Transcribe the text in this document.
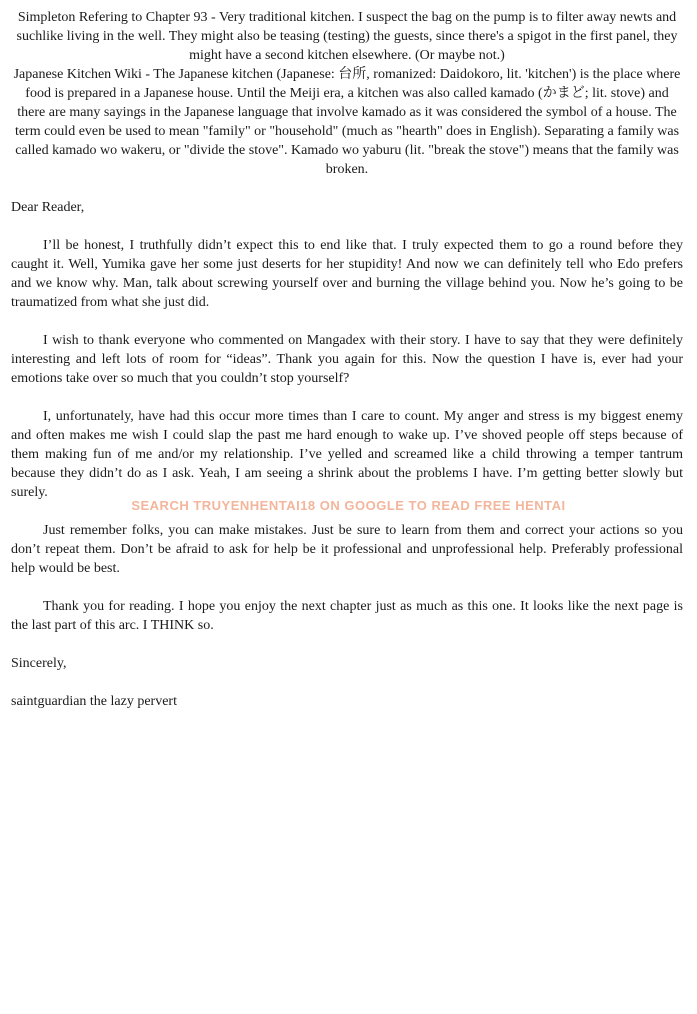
Simpleton Refering to Chapter 93 - Very traditional kitchen. I suspect the bag on the pump is to filter away newts and suchlike living in the well. They might also be teasing (testing) the guests, since there's a spigot in the first panel, they might have a second kitchen elsewhere. (Or maybe not.)

Japanese Kitchen Wiki - The Japanese kitchen (Japanese: 台所, romanized: Daidokoro, lit. 'kitchen') is the place where food is prepared in a Japanese house. Until the Meiji era, a kitchen was also called kamado (かまど; lit. stove) and there are many sayings in the Japanese language that involve kamado as it was considered the symbol of a house. The term could even be used to mean "family" or "household" (much as "hearth" does in English). Separating a family was called kamado wo wakeru, or "divide the stove". Kamado wo yaburu (lit. "break the stove") means that the family was broken.

Dear Reader,

I’ll be honest, I truthfully didn’t expect this to end like that. I truly expected them to go a round before they caught it. Well, Yumika gave her some just deserts for her stupidity! And now we can definitely tell who Edo prefers and we know why. Man, talk about screwing yourself over and burning the village behind you. Now he’s going to be traumatized from what she just did.

I wish to thank everyone who commented on Mangadex with their story. I have to say that they were definitely interesting and left lots of room for “ideas”. Thank you again for this. Now the question I have is, ever had your emotions take over so much that you couldn’t stop yourself?

I, unfortunately, have had this occur more times than I care to count. My anger and stress is my biggest enemy and often makes me wish I could slap the past me hard enough to wake up. I’ve shoved people off steps because of them making fun of me and/or my relationship. I’ve yelled and screamed like a child throwing a temper tantrum because they didn’t do as I ask. Yeah, I am seeing a shrink about the problems I have. I’m getting better slowly but surely.

Just remember folks, you can make mistakes. Just be sure to learn from them and correct your actions so you don’t repeat them. Don’t be afraid to ask for help be it professional and unprofessional help. Preferably professional help would be best.

Thank you for reading. I hope you enjoy the next chapter just as much as this one. It looks like the next page is the last part of this arc. I THINK so.

Sincerely,

saintguardian the lazy pervert

SEARCH TRUYENHENTAI18 ON GOOGLE TO READ FREE HENTAI
